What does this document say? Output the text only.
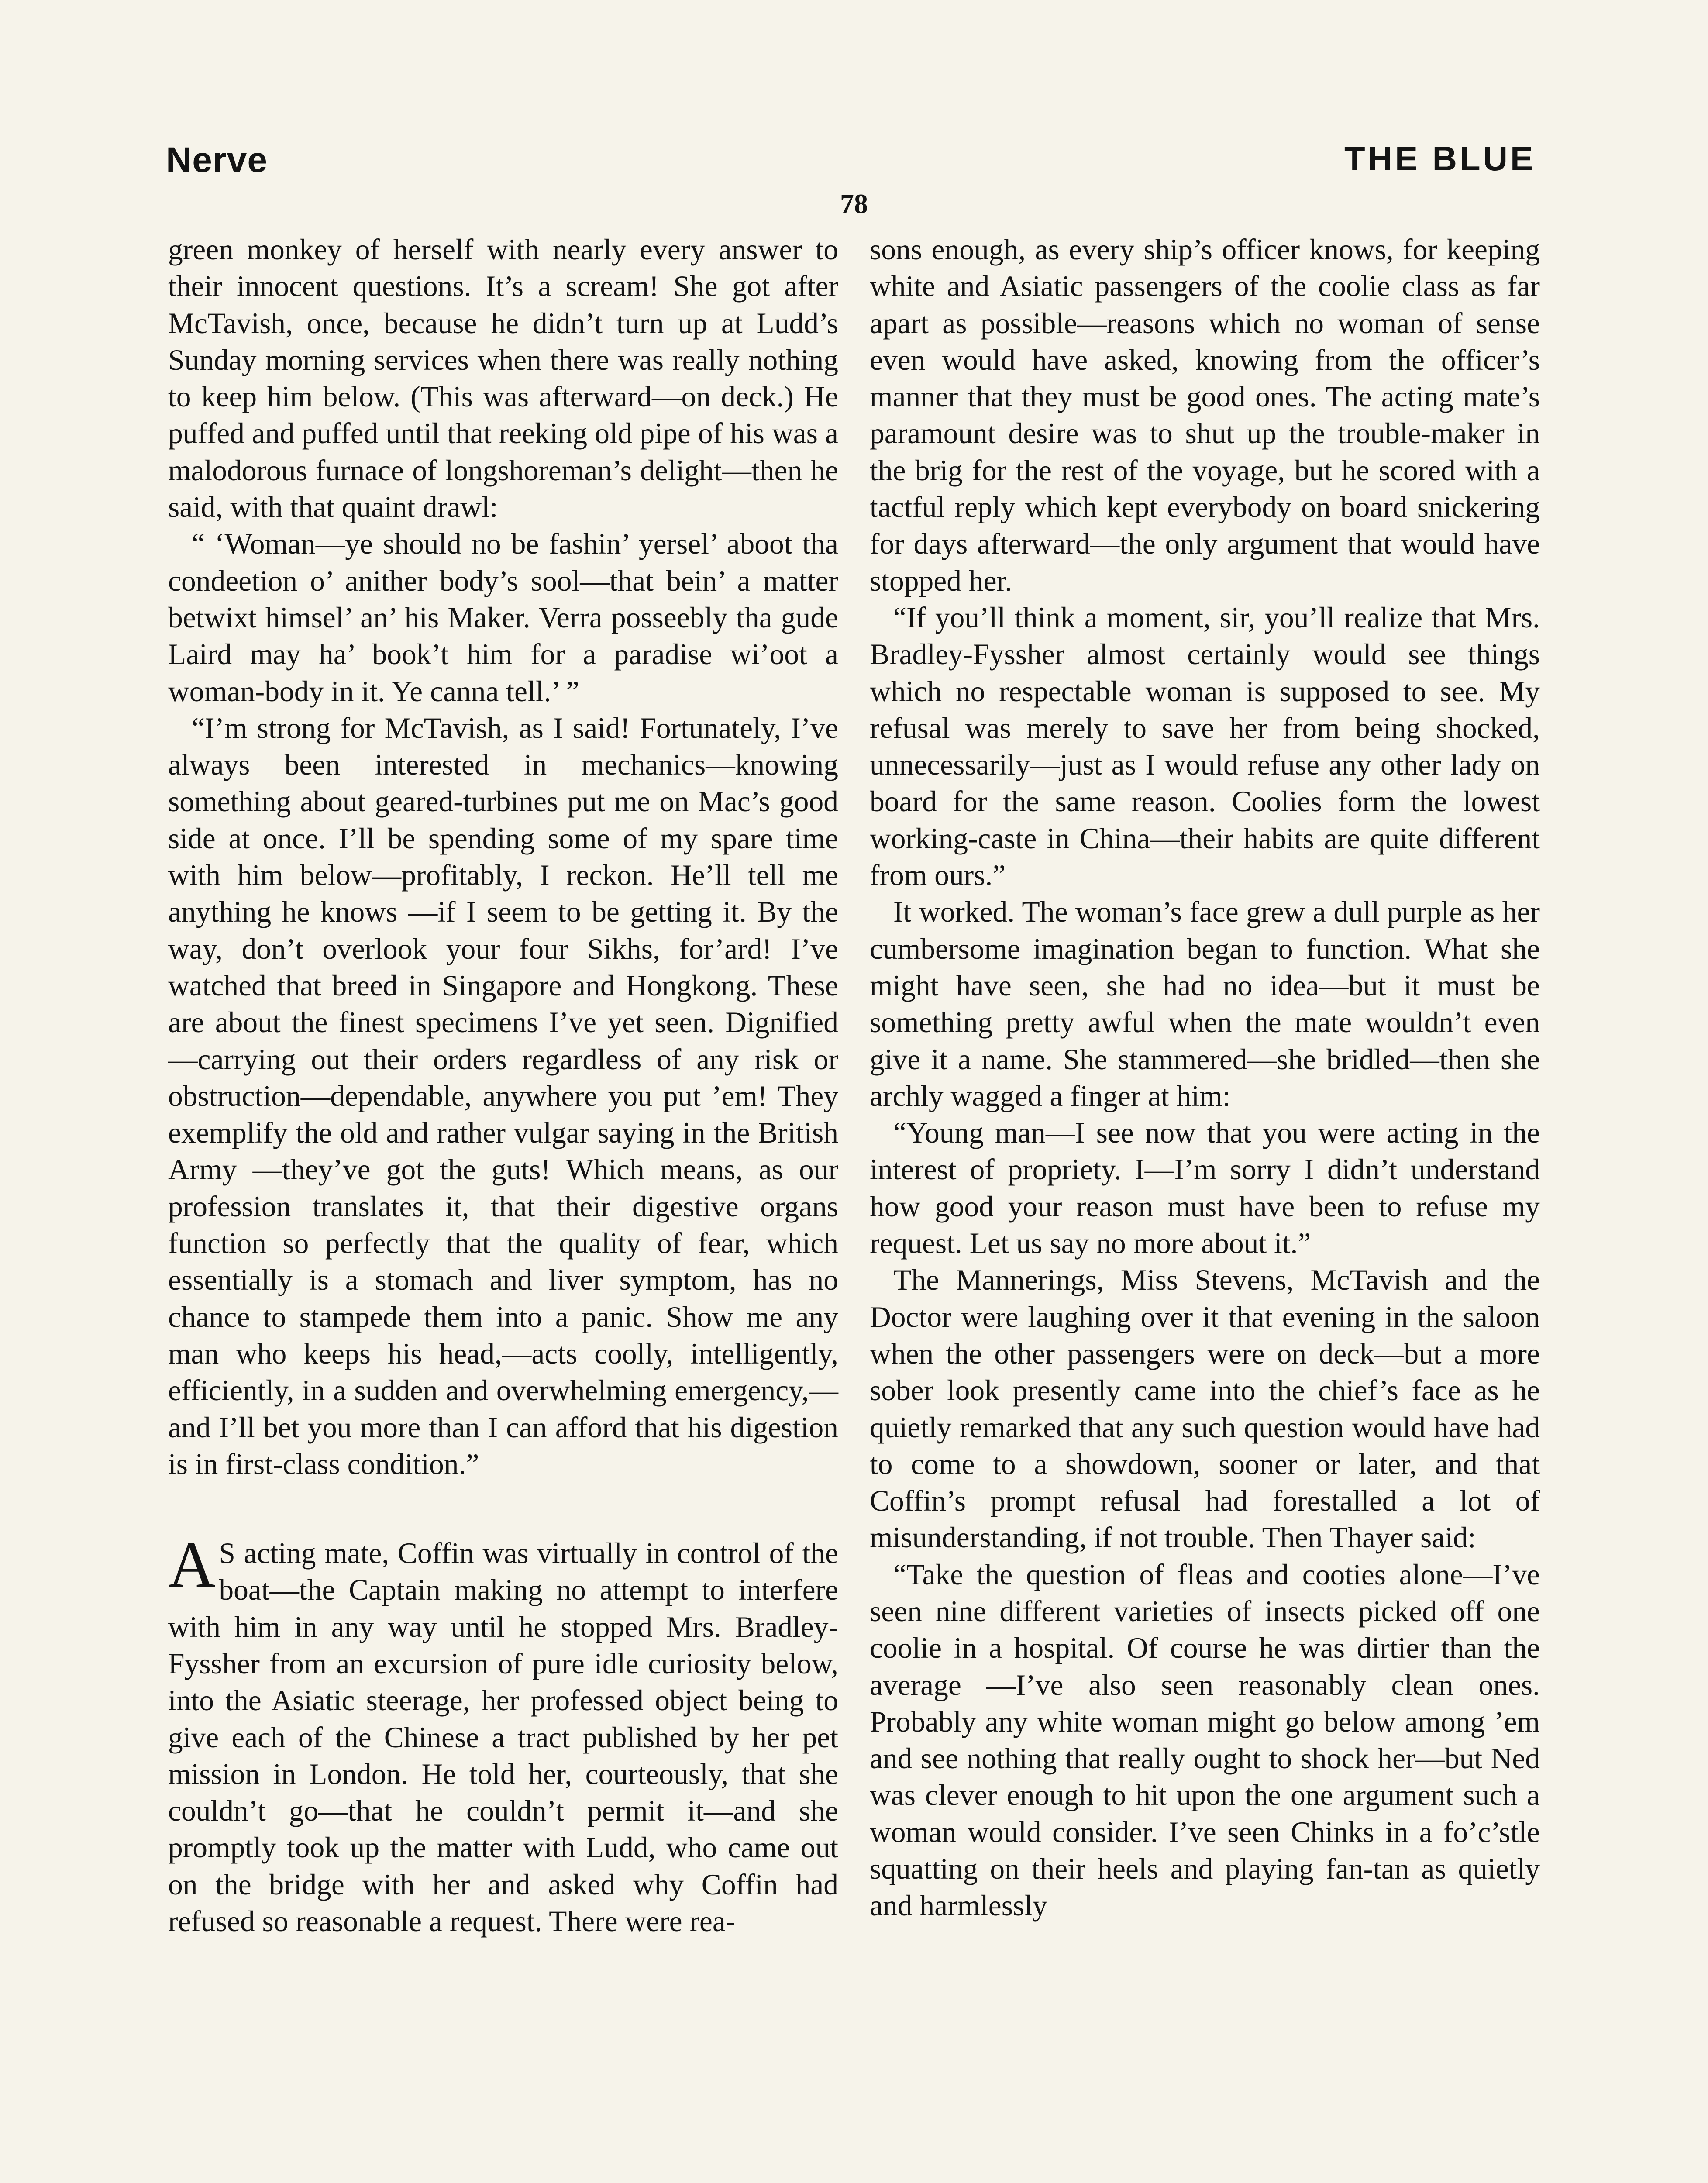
Nerve	THE BLUE
78

green monkey of herself with nearly every answer to their innocent questions. It’s a scream! She got after McTavish, once, because he didn’t turn up at Ludd’s Sunday morning services when there was really nothing to keep him below. (This was afterward—on deck.) He puffed and puffed until that reeking old pipe of his was a malodorous furnace of longshoreman’s delight—then he said, with that quaint drawl:

“ ‘Woman—ye should no be fashin’ yersel’ aboot tha condeetion o’ anither body’s sool—that bein’ a matter betwixt himsel’ an’ his Maker. Verra posseebly tha gude Laird may ha’ book’t him for a paradise wi’oot a woman-body in it. Ye canna tell.’ ”

“I’m strong for McTavish, as I said! Fortunately, I’ve always been interested in mechanics—knowing something about geared-turbines put me on Mac’s good side at once. I’ll be spending some of my spare time with him below—profitably, I reckon. He’ll tell me anything he knows —if I seem to be getting it. By the way, don’t overlook your four Sikhs, for’ard! I’ve watched that breed in Singapore and Hongkong. These are about the finest specimens I’ve yet seen. Dignified—carrying out their orders regardless of any risk or obstruction—dependable, anywhere you put ’em! They exemplify the old and rather vulgar saying in the British Army —they’ve got the guts! Which means, as our profession translates it, that their digestive organs function so perfectly that the quality of fear, which essentially is a stomach and liver symptom, has no chance to stampede them into a panic. Show me any man who keeps his head,—acts coolly, intelligently, efficiently, in a sudden and overwhelming emergency,—and I’ll bet you more than I can afford that his digestion is in first-class condition.”

A S acting mate, Coffin was virtually in control of the boat—the Captain making no attempt to interfere with him in any way until he stopped Mrs. Bradley-Fyssher from an excursion of pure idle curiosity below, into the Asiatic steerage, her professed object being to give each of the Chinese a tract published by her pet mission in London. He told her, courteously, that she couldn’t go—that he couldn’t permit it—and she promptly took up the matter with Ludd, who came out on the bridge with her and asked why Coffin had refused so reasonable a request. There were rea-

sons enough, as every ship’s officer knows, for keeping white and Asiatic passengers of the coolie class as far apart as possible—reasons which no woman of sense even would have asked, knowing from the officer’s manner that they must be good ones. The acting mate’s paramount desire was to shut up the trouble-maker in the brig for the rest of the voyage, but he scored with a tactful reply which kept everybody on board snickering for days afterward—the only argument that would have stopped her.

“If you’ll think a moment, sir, you’ll realize that Mrs. Bradley-Fyssher almost certainly would see things which no respectable woman is supposed to see. My refusal was merely to save her from being shocked, unnecessarily—just as I would refuse any other lady on board for the same reason. Coolies form the lowest working-caste in China—their habits are quite different from ours.”

It worked. The woman’s face grew a dull purple as her cumbersome imagination began to function. What she might have seen, she had no idea—but it must be something pretty awful when the mate wouldn’t even give it a name. She stammered—she bridled—then she archly wagged a finger at him:

“Young man—I see now that you were acting in the interest of propriety. I—I’m sorry I didn’t understand how good your reason must have been to refuse my request. Let us say no more about it.”

The Mannerings, Miss Stevens, McTavish and the Doctor were laughing over it that evening in the saloon when the other passengers were on deck—but a more sober look presently came into the chief’s face as he quietly remarked that any such question would have had to come to a showdown, sooner or later, and that Coffin’s prompt refusal had forestalled a lot of misunderstanding, if not trouble. Then Thayer said:

“Take the question of fleas and cooties alone—I’ve seen nine different varieties of insects picked off one coolie in a hospital. Of course he was dirtier than the average —I’ve also seen reasonably clean ones. Probably any white woman might go below among ’em and see nothing that really ought to shock her—but Ned was clever enough to hit upon the one argument such a woman would consider. I’ve seen Chinks in a fo’c’stle squatting on their heels and playing fan-tan as quietly and harmlessly
